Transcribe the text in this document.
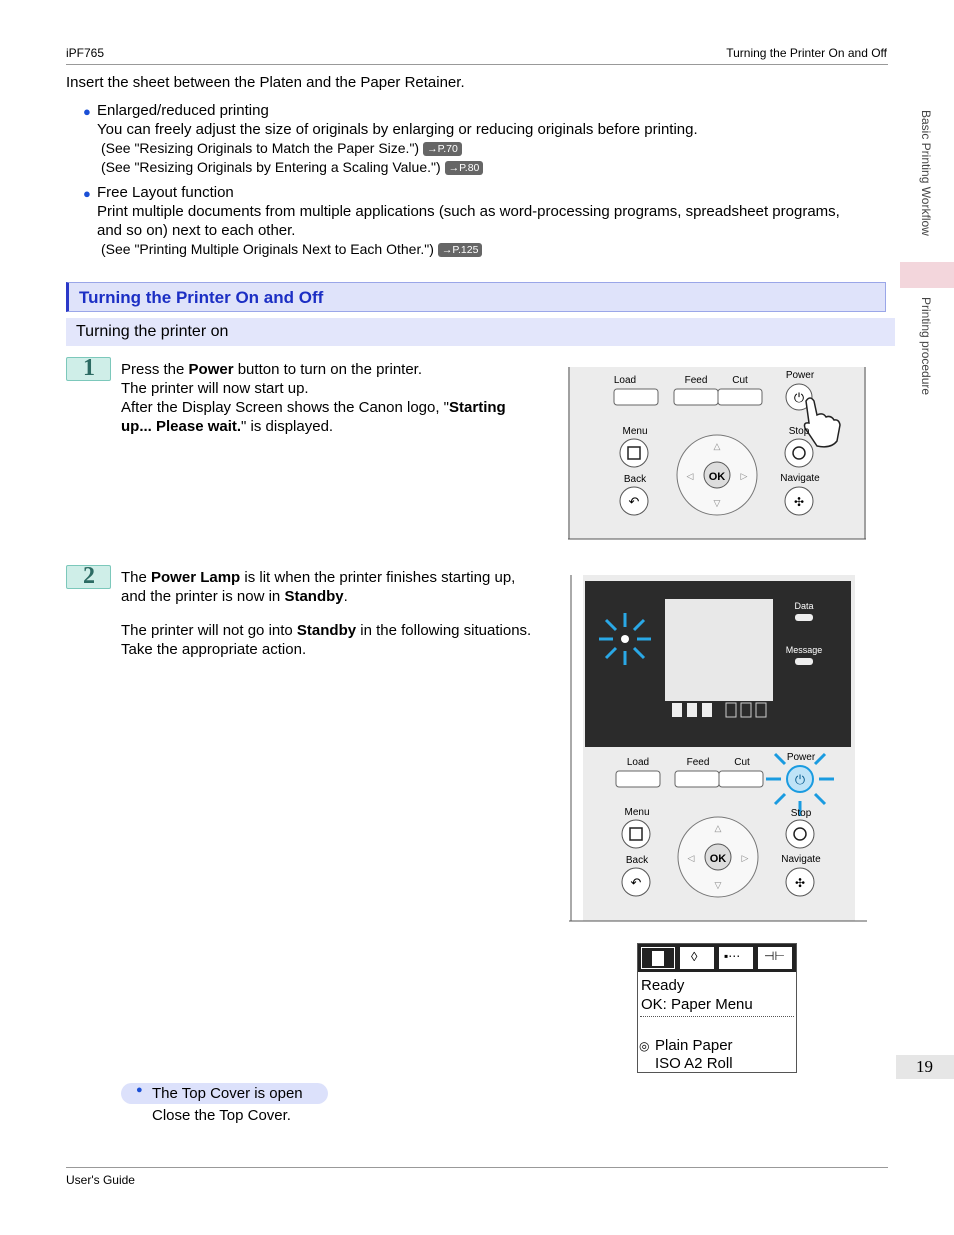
iPF765	Turning the Printer On and Off
Insert the sheet between the Platen and the Paper Retainer.
● Enlarged/reduced printing
You can freely adjust the size of originals by enlarging or reducing originals before printing.
(See "Resizing Originals to Match the Paper Size.") →P.70
(See "Resizing Originals by Entering a Scaling Value.") →P.80
● Free Layout function
Print multiple documents from multiple applications (such as word-processing programs, spreadsheet programs,
and so on) next to each other.
(See "Printing Multiple Originals Next to Each Other.") →P.125
Turning the Printer On and Off
Turning the printer on
1 Press the Power button to turn on the printer.
The printer will now start up.
After the Display Screen shows the Canon logo, "Starting
up... Please wait." is displayed.
Load	Feed Cut	Power
⏻
Menu
Back
↶
OK
△
▽
◁	▷
Stop
Navigate
✣
2 The Power Lamp is lit when the printer finishes starting up,
and the printer is now in Standby.
The printer will not go into Standby in the following situations.
Take the appropriate action.
Data
Message
Load	Feed Cut	Power
⏻
Menu
Back
↶
OK
△
▽
◁	▷
Stop
Navigate
✣
◊ ▪⋯ ⊣⊢
Ready
OK: Paper Menu
◎ Plain Paper
ISO A2 Roll
● The Top Cover is open
Close the Top Cover.
Basic Printing Workflow
Printing procedure
19
User's Guide
